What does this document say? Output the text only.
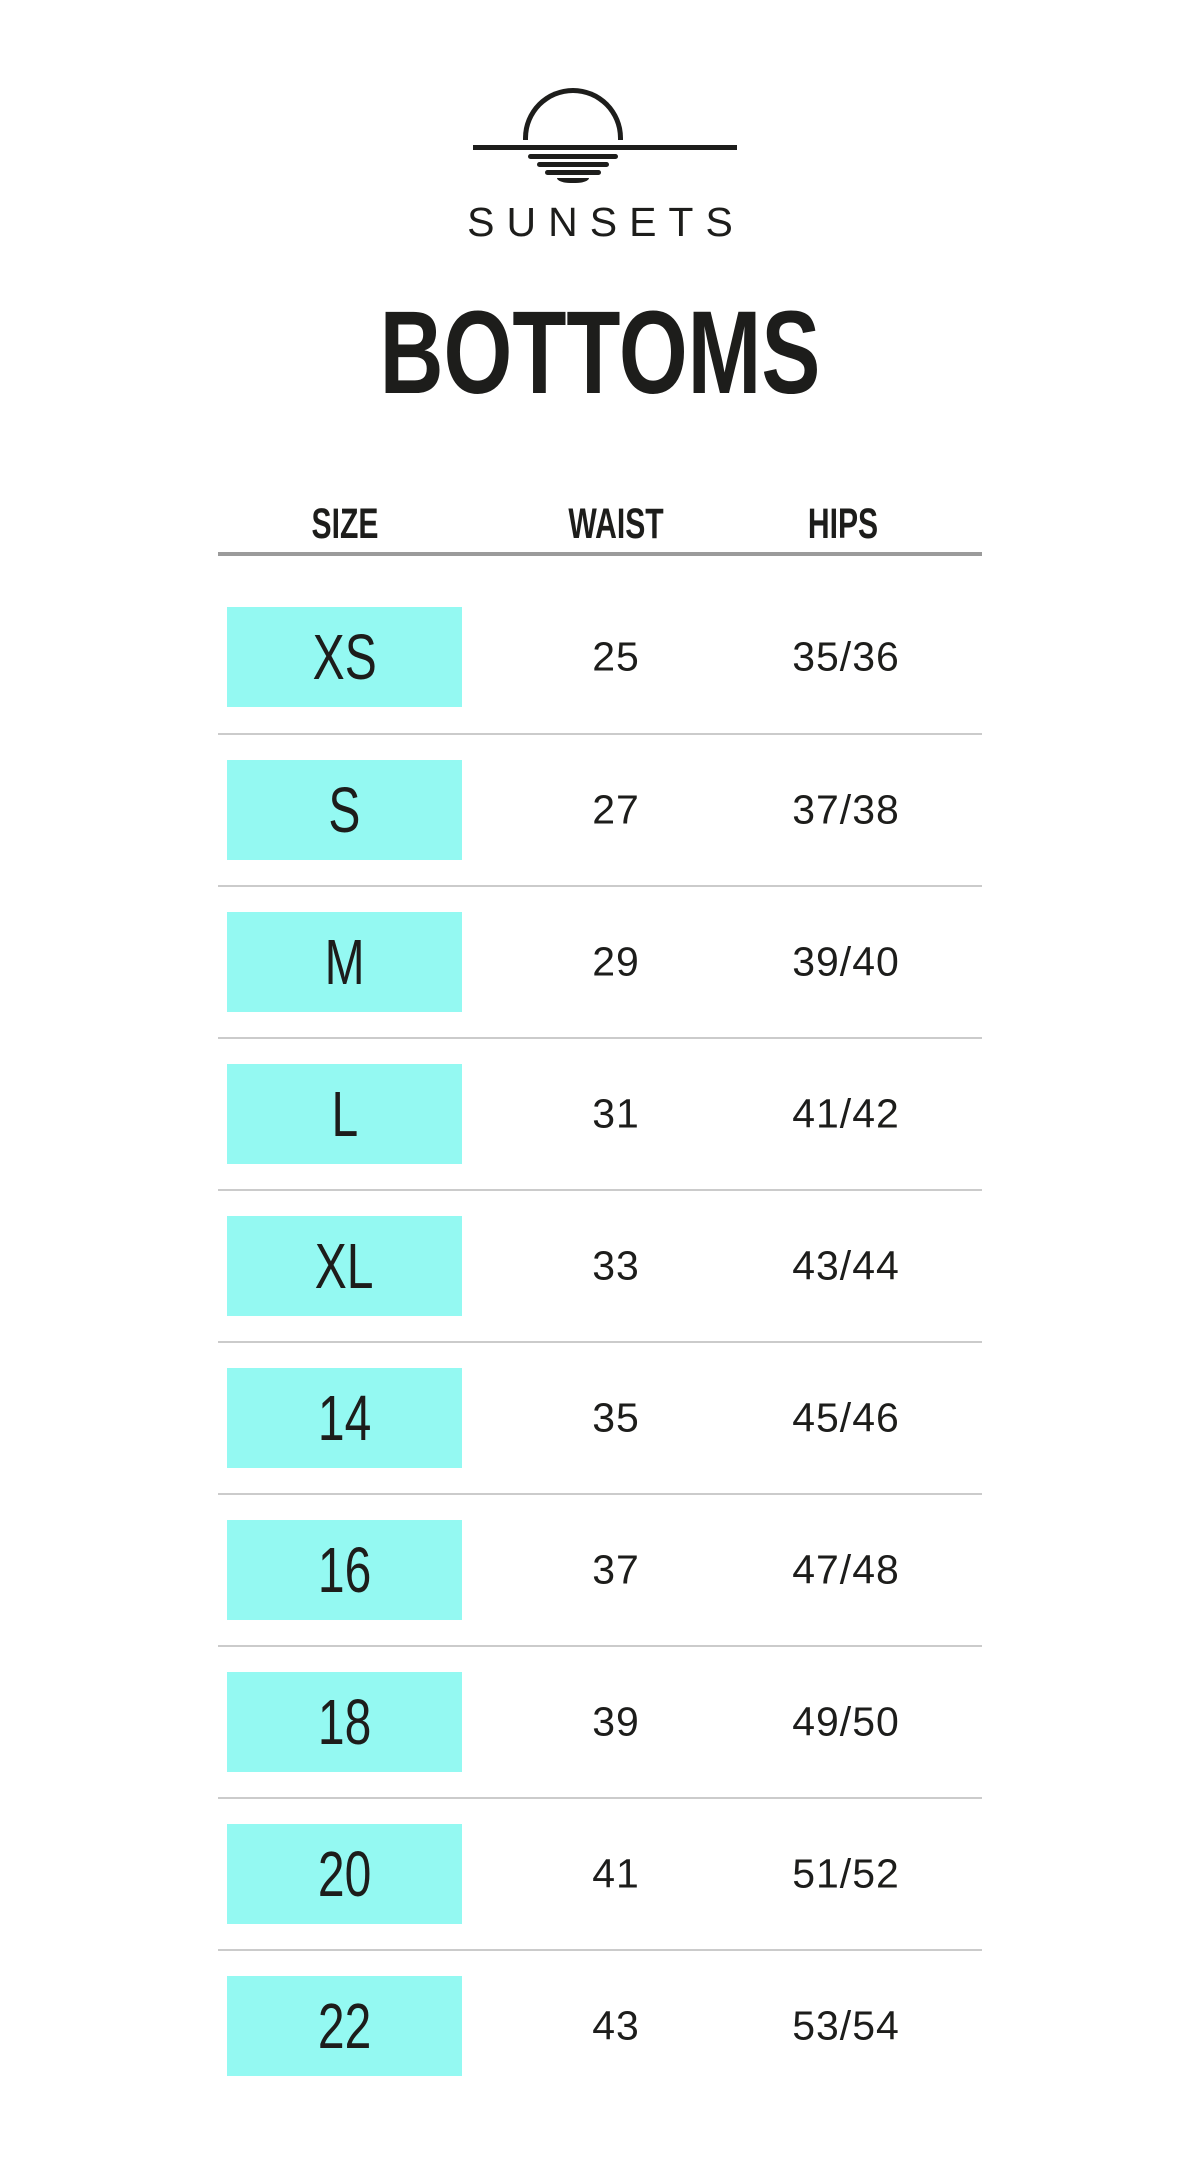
SUNSETS
BOTTOMS
SIZE	WAIST	HIPS
XS	25	35/36
S	27	37/38
M	29	39/40
L	31	41/42
XL	33	43/44
14	35	45/46
16	37	47/48
18	39	49/50
20	41	51/52
22	43	53/54
